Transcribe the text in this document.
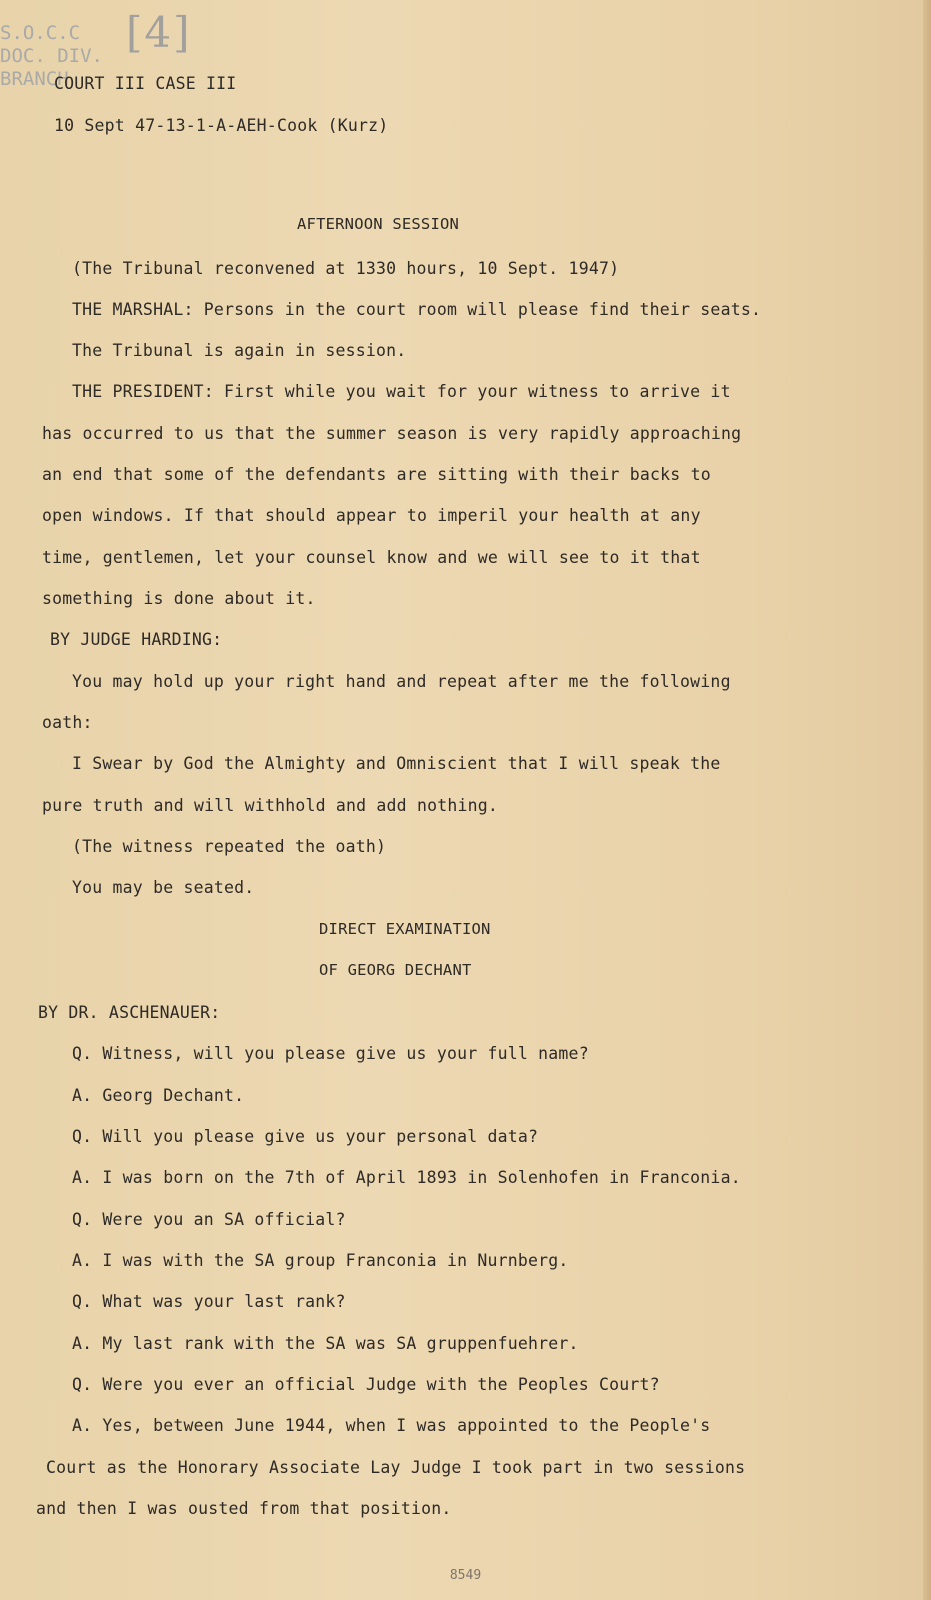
S.O.C.C
DOC. DIV.
BRANCH
[4]
COURT III CASE III
10 Sept 47-13-1-A-AEH-Cook (Kurz)
AFTERNOON SESSION
(The Tribunal reconvened at 1330 hours, 10 Sept. 1947)
THE MARSHAL: Persons in the court room will please find their seats.
The Tribunal is again in session.
THE PRESIDENT: First while you wait for your witness to arrive it
has occurred to us that the summer season is very rapidly approaching
an end that some of the defendants are sitting with their backs to
open windows. If that should appear to imperil your health at any
time, gentlemen, let your counsel know and we will see to it that
something is done about it.
BY JUDGE HARDING:
You may hold up your right hand and repeat after me the following
oath:
I Swear by God the Almighty and Omniscient that I will speak the
pure truth and will withhold and add nothing.
(The witness repeated the oath)
You may be seated.
DIRECT EXAMINATION
OF GEORG DECHANT
BY DR. ASCHENAUER:
Q. Witness, will you please give us your full name?
A. Georg Dechant.
Q. Will you please give us your personal data?
A. I was born on the 7th of April 1893 in Solenhofen in Franconia.
Q. Were you an SA official?
A. I was with the SA group Franconia in Nurnberg.
Q. What was your last rank?
A. My last rank with the SA was SA gruppenfuehrer.
Q. Were you ever an official Judge with the Peoples Court?
A. Yes, between June 1944, when I was appointed to the People's
Court as the Honorary Associate Lay Judge I took part in two sessions
and then I was ousted from that position.
8549
